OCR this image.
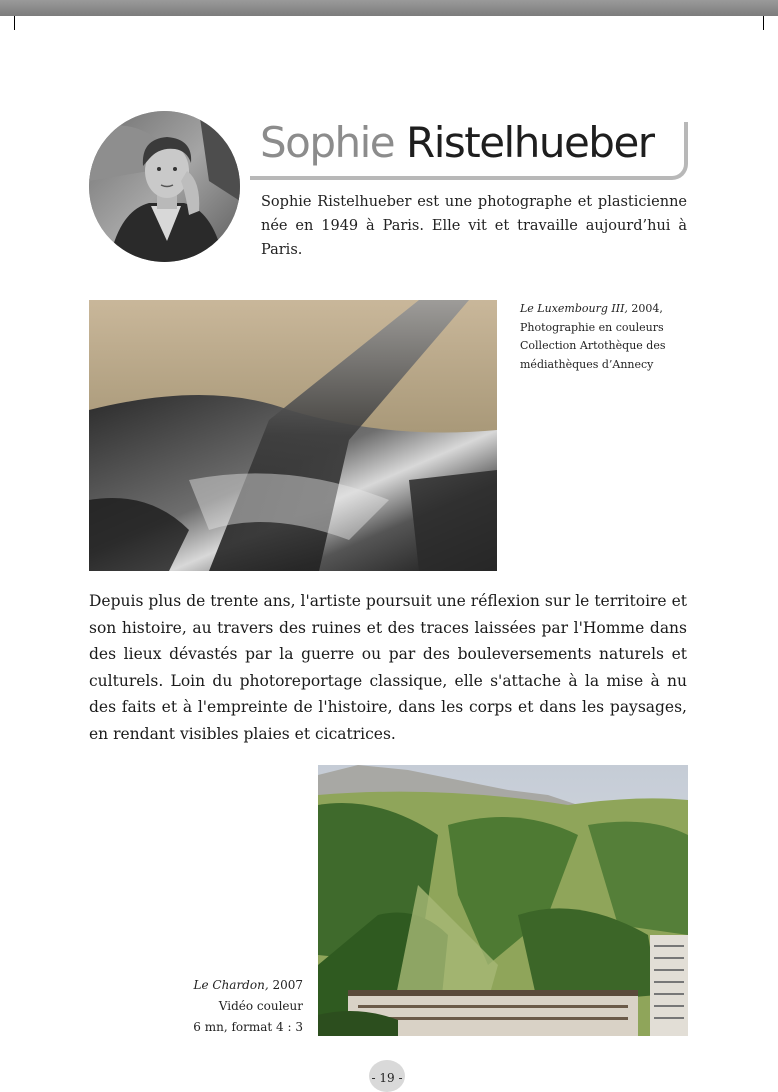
Sophie Ristelhueber

Sophie Ristelhueber est une photographe et plasticienne née en 1949 à Paris. Elle vit et travaille aujourd’hui à Paris.

Le Luxembourg III, 2004,
Photographie en couleurs
Collection Artothèque des médiathèques d’Annecy

Depuis plus de trente ans, l'artiste poursuit une réflexion sur le territoire et son histoire, au travers des ruines et des traces laissées par l'Homme dans des lieux dévastés par la guerre ou par des bouleversements naturels et culturels. Loin du photoreportage classique, elle s'attache à la mise à nu des faits et à l'empreinte de l'histoire, dans les corps et dans les paysages, en rendant visibles plaies et cicatrices.

Le Chardon, 2007
Vidéo couleur
6 mn, format 4 : 3
- 19 -
